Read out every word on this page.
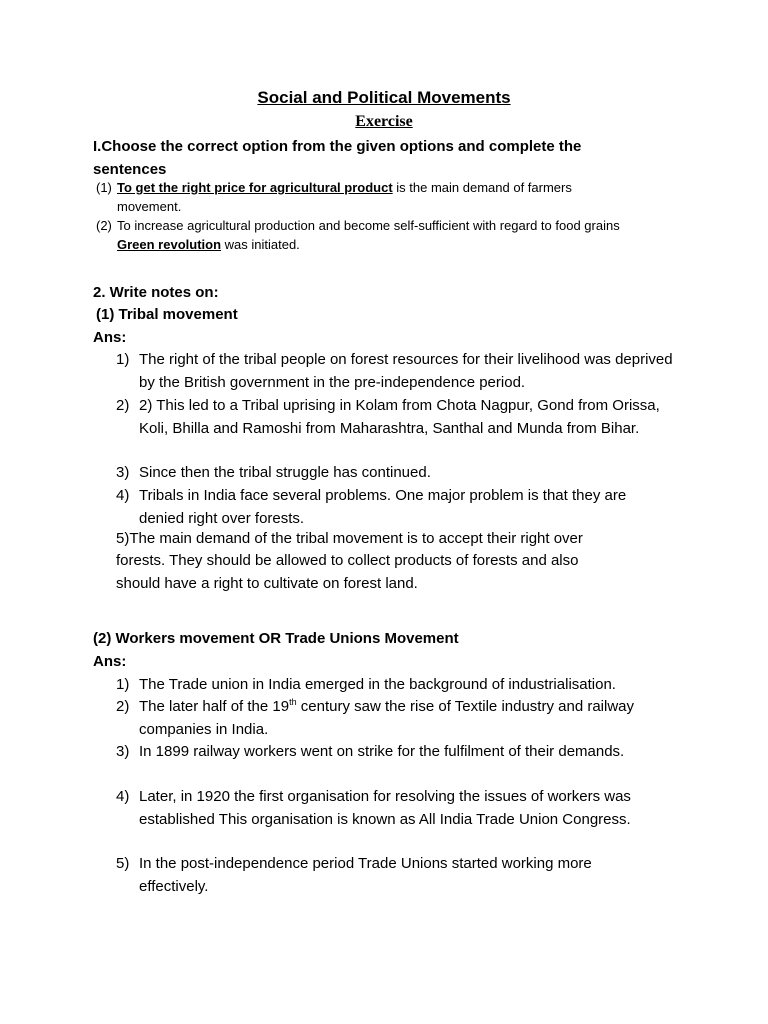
Social and Political Movements
Exercise
I.Choose the correct option from the given options and complete the sentences
(1) To get the right price for agricultural product is the main demand of farmers
movement.
(2) To increase agricultural production and become self-sufficient with regard to food grains
Green revolution was initiated.
2. Write notes on:
(1) Tribal movement
Ans:
1) The right of the tribal people on forest resources for their livelihood was deprived by the British government in the pre-independence period.
2) 2) This led to a Tribal uprising in Kolam from Chota Nagpur, Gond from Orissa, Koli, Bhilla and Ramoshi from Maharashtra, Santhal and Munda from Bihar.
3) Since then the tribal struggle has continued.
4) Tribals in India face several problems. One major problem is that they are denied right over forests.
5)The main demand of the tribal movement is to accept their right over
forests. They should be allowed to collect products of forests and also
should have a right to cultivate on forest land.
(2) Workers movement OR Trade Unions Movement
Ans:
1) The Trade union in India emerged in the background of industrialisation.
2) The later half of the 19th century saw the rise of Textile industry and railway companies in India.
3) In 1899 railway workers went on strike for the fulfilment of their demands.
4) Later, in 1920 the first organisation for resolving the issues of workers was established This organisation is known as All India Trade Union Congress.
5) In the post-independence period Trade Unions started working more effectively.
